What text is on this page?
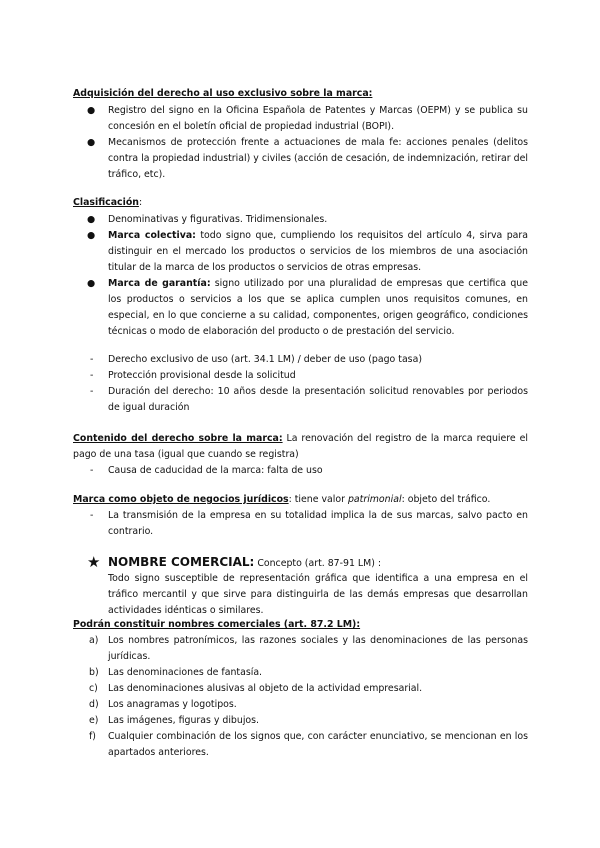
Adquisición del derecho al uso exclusivo sobre la marca:
● Registro del signo en la Oficina Española de Patentes y Marcas (OEPM) y se publica su concesión en el boletín oficial de propiedad industrial (BOPI).
● Mecanismos de protección frente a actuaciones de mala fe: acciones penales (delitos contra la propiedad industrial) y civiles (acción de cesación, de indemnización, retirar del tráfico, etc).
Clasificación:
● Denominativas y figurativas. Tridimensionales.
● Marca colectiva: todo signo que, cumpliendo los requisitos del artículo 4, sirva para distinguir en el mercado los productos o servicios de los miembros de una asociación titular de la marca de los productos o servicios de otras empresas.
● Marca de garantía: signo utilizado por una pluralidad de empresas que certifica que los productos o servicios a los que se aplica cumplen unos requisitos comunes, en especial, en lo que concierne a su calidad, componentes, origen geográfico, condiciones técnicas o modo de elaboración del producto o de prestación del servicio.
-	Derecho exclusivo de uso (art. 34.1 LM) / deber de uso (pago tasa)
-	Protección provisional desde la solicitud
-	Duración del derecho: 10 años desde la presentación solicitud renovables por periodos de igual duración
Contenido del derecho sobre la marca: La renovación del registro de la marca requiere el pago de una tasa (igual que cuando se registra)
-	Causa de caducidad de la marca: falta de uso
Marca como objeto de negocios jurídicos: tiene valor patrimonial: objeto del tráfico.
-	La transmisión de la empresa en su totalidad implica la de sus marcas, salvo pacto en contrario.
★ NOMBRE COMERCIAL: Concepto (art. 87-91 LM) :
Todo signo susceptible de representación gráfica que identifica a una empresa en el tráfico mercantil y que sirve para distinguirla de las demás empresas que desarrollan actividades idénticas o similares.
Podrán constituir nombres comerciales (art. 87.2 LM):
a)	Los nombres patronímicos, las razones sociales y las denominaciones de las personas jurídicas.
b) Las denominaciones de fantasía.
c)	Las denominaciones alusivas al objeto de la actividad empresarial.
d) Los anagramas y logotipos.
e)	Las imágenes, figuras y dibujos.
f)	Cualquier combinación de los signos que, con carácter enunciativo, se mencionan en los apartados anteriores.
